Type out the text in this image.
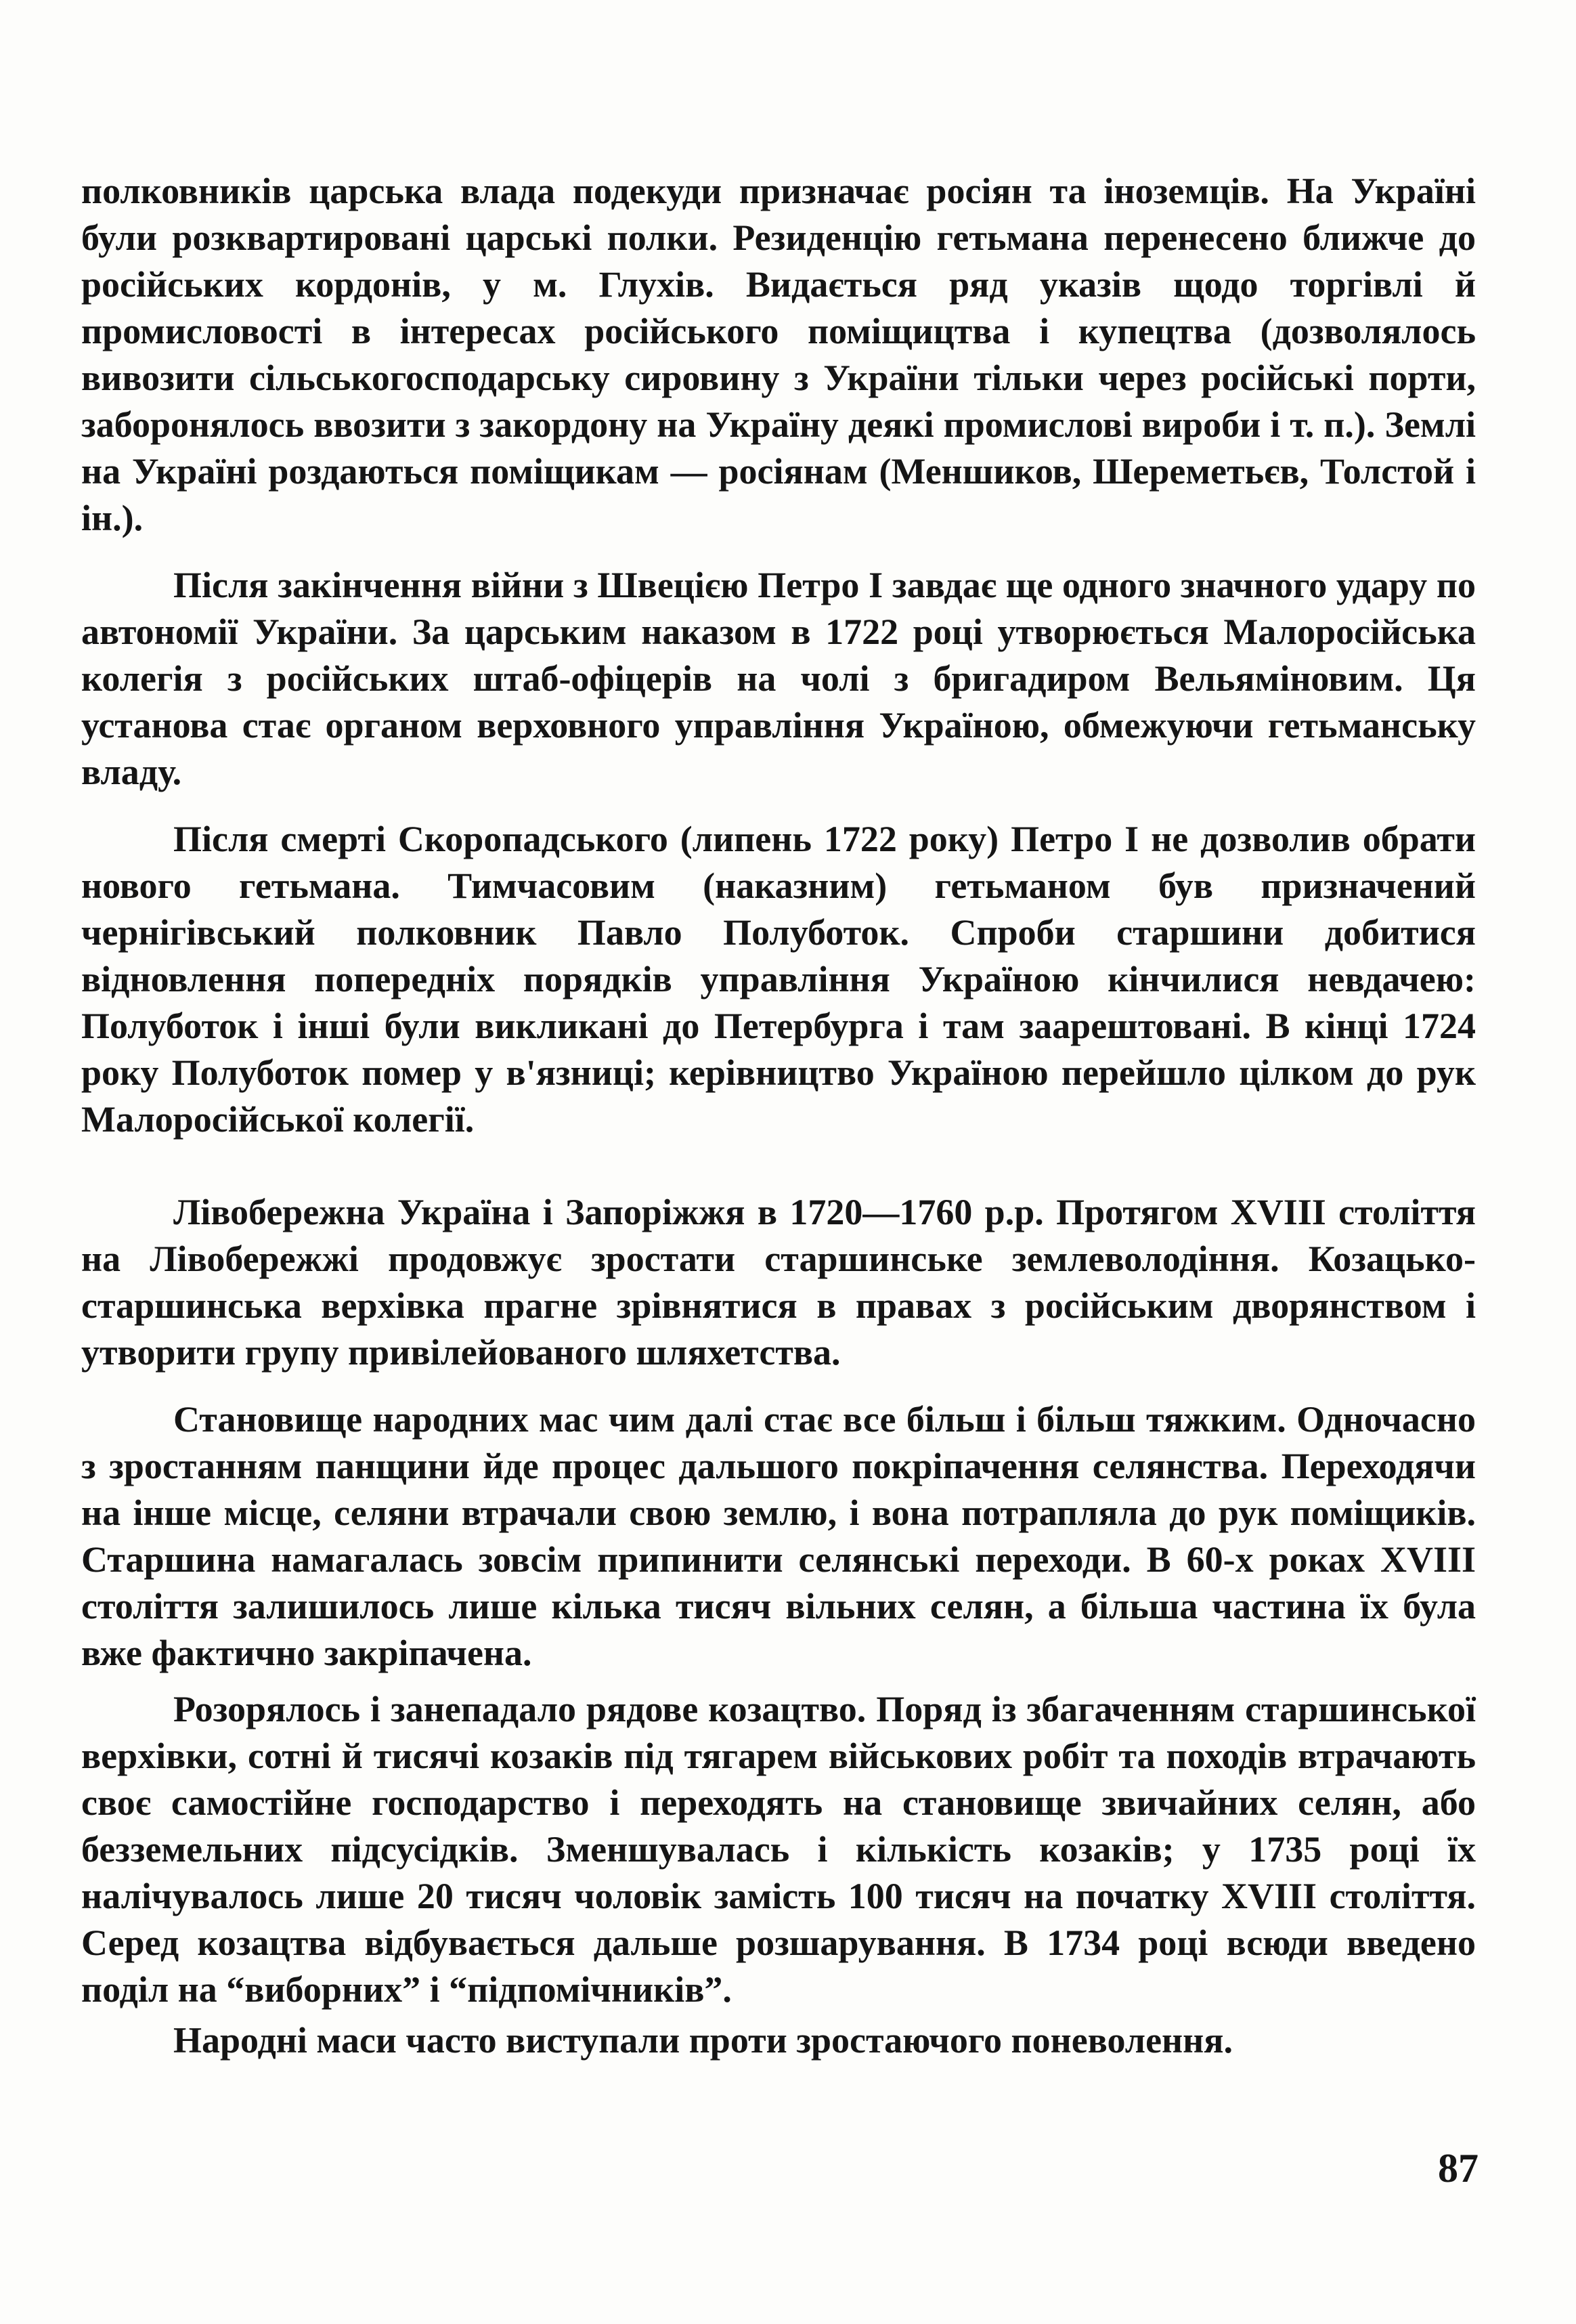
полковників царська влада подекуди призначає росіян та іноземців. На Україні були розквартировані царські полки. Резиденцію гетьмана перенесено ближче до російських кордонів, у м. Глухів. Видається ряд указів щодо торгівлі й промисловості в інтересах російського поміщицтва і купецтва (дозволялось вивозити сільськогосподарську сировину з України тільки через російські порти, заборонялось ввозити з закордону на Україну деякі промислові вироби і т. п.). Землі на Україні роздаються поміщикам — росіянам (Меншиков, Шереметьєв, Толстой і ін.).

Після закінчення війни з Швецією Петро І завдає ще одного значного удару по автономії України. За царським наказом в 1722 році утворюється Малоросійська колегія з російських штаб-офіцерів на чолі з бригадиром Вельяміновим. Ця установа стає органом верховного управління Україною, обмежуючи гетьманську владу.

Після смерті Скоропадського (липень 1722 року) Петро І не дозволив обрати нового гетьмана. Тимчасовим (наказним) гетьманом був призначений чернігівський полковник Павло Полуботок. Спроби старшини добитися відновлення попередніх порядків управління Україною кінчилися невдачею: Полуботок і інші були викликані до Петербурга і там заарештовані. В кінці 1724 року Полуботок помер у в'язниці; керівництво Україною перейшло цілком до рук Малоросійської колегії.

Лівобережна Україна і Запоріжжя в 1720—1760 р.р. Протягом XVIII століття на Лівобережжі продовжує зростати старшинське землеволодіння. Козацько-старшинська верхівка прагне зрівнятися в правах з російським дворянством і утворити групу привілейованого шляхетства.

Становище народних мас чим далі стає все більш і більш тяжким. Одночасно з зростанням панщини йде процес дальшого покріпачення селянства. Переходячи на інше місце, селяни втрачали свою землю, і вона потрапляла до рук поміщиків. Старшина намагалась зовсім припинити селянські переходи. В 60-х роках XVIII століття залишилось лише кілька тисяч вільних селян, а більша частина їх була вже фактично закріпачена.

Розорялось і занепадало рядове козацтво. Поряд із збагаченням старшинської верхівки, сотні й тисячі козаків під тягарем військових робіт та походів втрачають своє самостійне господарство і переходять на становище звичайних селян, або безземельних підсусідків. Зменшувалась і кількість козаків; у 1735 році їх налічувалось лише 20 тисяч чоловік замість 100 тисяч на початку XVIII століття. Серед козацтва відбувається дальше розшарування. В 1734 році всюди введено поділ на “виборних” і “підпомічників”.

Народні маси часто виступали проти зростаючого поневолення.

87
